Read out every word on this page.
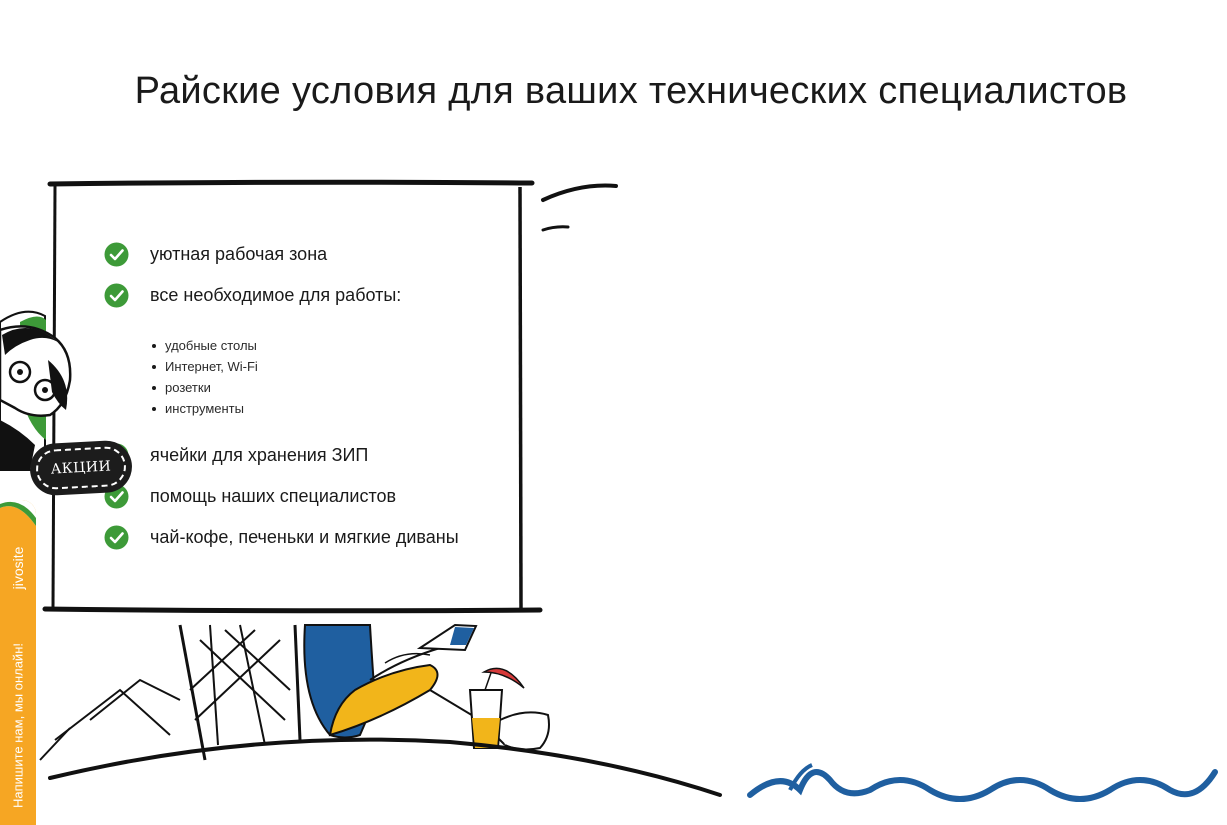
Райские условия для ваших технических специалистов
уютная рабочая зона
все необходимое для работы:
удобные столы
Интернет, Wi-Fi
розетки
инструменты
ячейки для хранения ЗИП
помощь наших специалистов
чай-кофе, печеньки и мягкие диваны
АКЦИИ
jivosite
Напишите нам, мы онлайн!
